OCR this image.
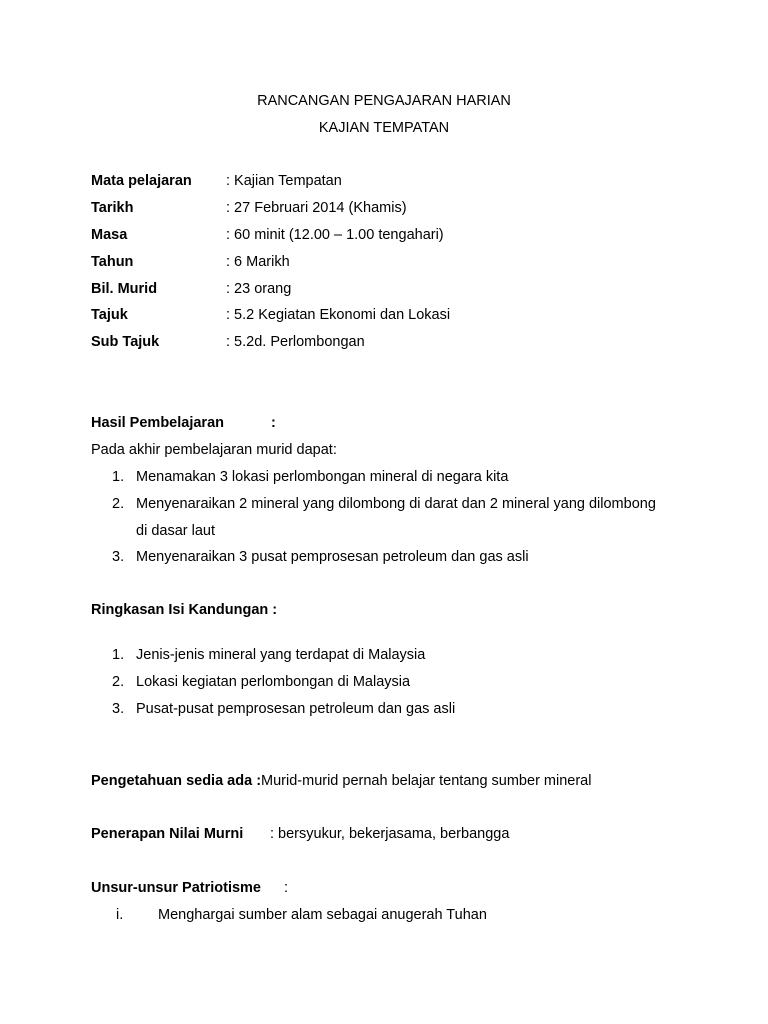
RANCANGAN PENGAJARAN HARIAN
KAJIAN TEMPATAN
Mata pelajaran : Kajian Tempatan
Tarikh	: 27 Februari 2014 (Khamis)
Masa	: 60 minit (12.00 – 1.00 tengahari)
Tahun	: 6 Marikh
Bil. Murid	: 23 orang
Tajuk	: 5.2 Kegiatan Ekonomi dan Lokasi
Sub Tajuk	: 5.2d. Perlombongan
Hasil Pembelajaran	:
Pada akhir pembelajaran murid dapat:
1. Menamakan 3 lokasi perlombongan mineral di negara kita
2. Menyenaraikan 2 mineral yang dilombong di darat dan 2 mineral yang dilombong
di dasar laut
3. Menyenaraikan 3 pusat pemprosesan petroleum dan gas asli
Ringkasan Isi Kandungan :
1. Jenis-jenis mineral yang terdapat di Malaysia
2. Lokasi kegiatan perlombongan di Malaysia
3. Pusat-pusat pemprosesan petroleum dan gas asli
Pengetahuan sedia ada :Murid-murid pernah belajar tentang sumber mineral
Penerapan Nilai Murni : bersyukur, bekerjasama, berbangga
Unsur-unsur Patriotisme :
i. Menghargai sumber alam sebagai anugerah Tuhan
